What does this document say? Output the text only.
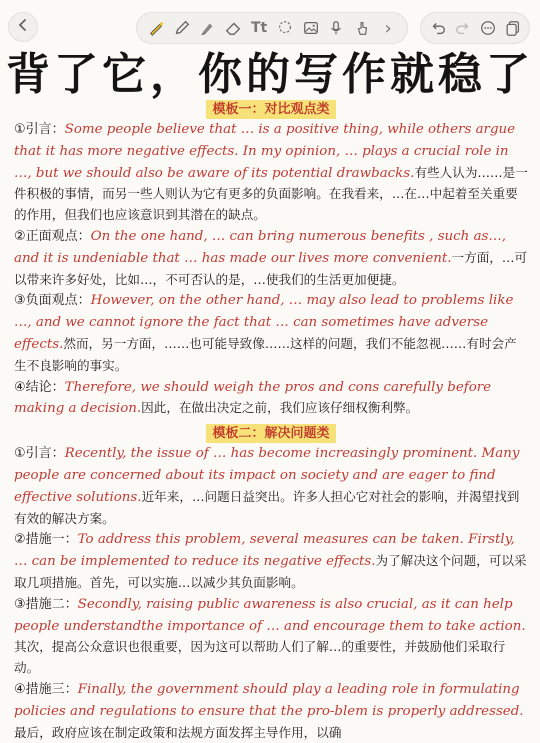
Tt	›
背了它，你的写作就稳了
模板一：对比观点类

①引言：Some people believe that … is a positive thing, while others argue that it has more negative effects. In my opinion, … plays a crucial role in …, but we should also be aware of its potential drawbacks.有些人认为……是一件积极的事情，而另一些人则认为它有更多的负面影响。在我看来，…在…中起着至关重要的作用，但我们也应该意识到其潜在的缺点。

②正面观点：On the one hand, … can bring numerous benefits , such as…, and it is undeniable that … has made our lives more convenient.一方面，…可以带来许多好处，比如…，不可否认的是，…使我们的生活更加便捷。

③负面观点：However, on the other hand, … may also lead to problems like …, and we cannot ignore the fact that … can sometimes have adverse effects.然而，另一方面，……也可能导致像……这样的问题，我们不能忽视……有时会产生不良影响的事实。

④结论：Therefore, we should weigh the pros and cons carefully before making a decision.因此，在做出决定之前，我们应该仔细权衡利弊。

模板二：解决问题类

①引言：Recently, the issue of … has become increasingly prominent. Many people are concerned about its impact on society and are eager to find effective solutions.近年来，…问题日益突出。许多人担心它对社会的影响，并渴望找到有效的解决方案。

②措施一：To address this problem, several measures can be taken. Firstly, … can be implemented to reduce its negative effects.为了解决这个问题，可以采取几项措施。首先，可以实施…以减少其负面影响。

③措施二：Secondly, raising public awareness is also crucial, as it can help people understandthe importance of … and encourage them to take action.其次，提高公众意识也很重要，因为这可以帮助人们了解…的重要性，并鼓励他们采取行动。

④措施三：Finally, the government should play a leading role in formulating policies and regulations to ensure that the pro-blem is properly addressed.最后，政府应该在制定政策和法规方面发挥主导作用，以确
